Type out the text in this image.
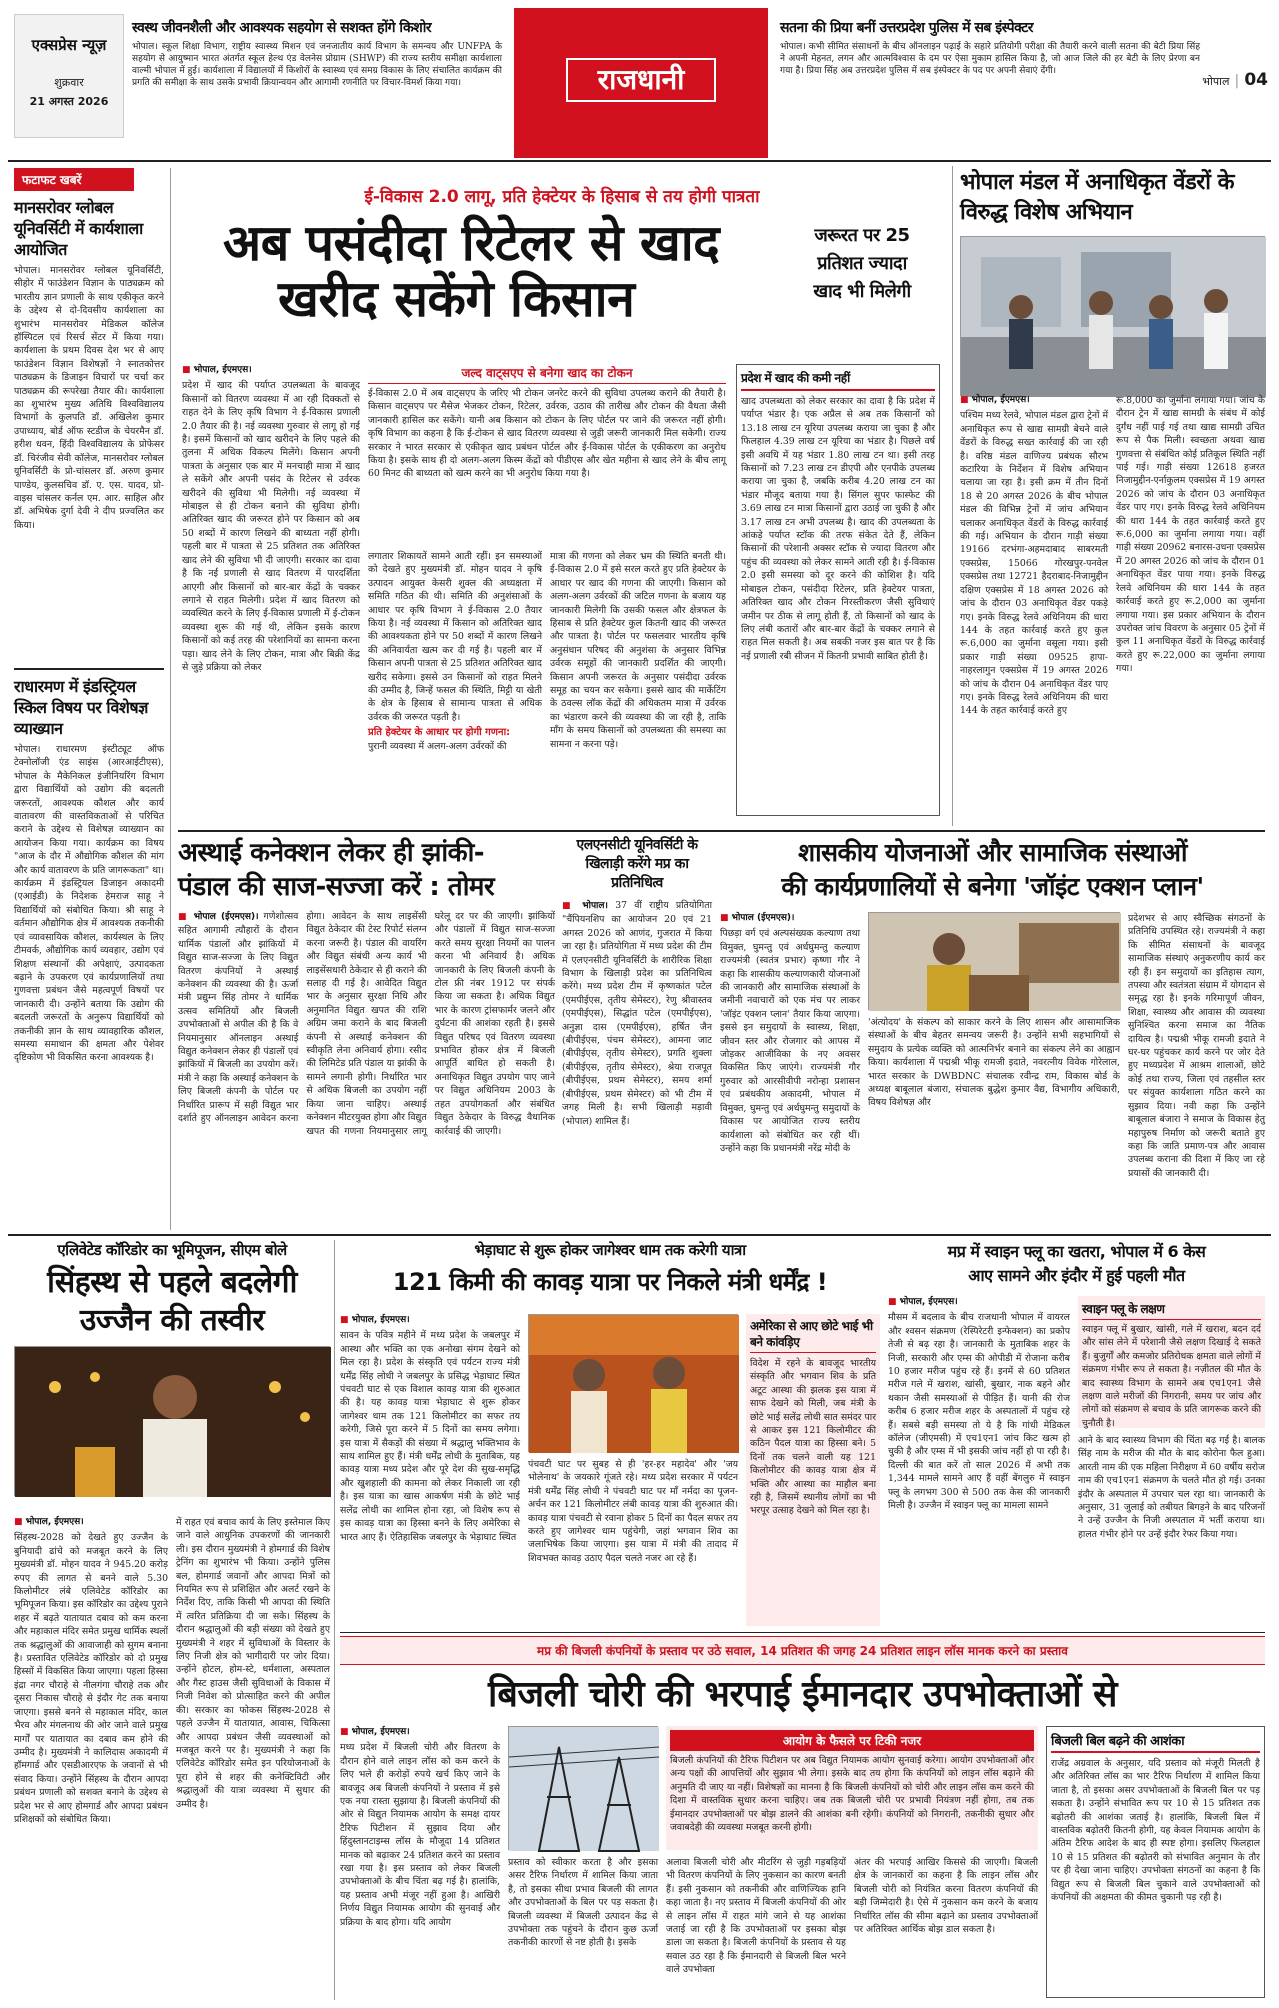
एक्सप्रेस न्यूज़
शुक्रवार
21 अगस्त 2026
स्वस्थ जीवनशैली और आवश्यक सहयोग से सशक्त होंगे किशोर
भोपाल। स्कूल शिक्षा विभाग, राष्ट्रीय स्वास्थ्य मिशन एवं जनजातीय कार्य विभाग के समन्वय और UNFPA के सहयोग से आयुष्मान भारत अंतर्गत स्कूल हेल्थ एंड वेलनेस प्रोग्राम (SHWP) की राज्य स्तरीय समीक्षा कार्यशाला वाल्मी भोपाल में हुई। कार्यशाला में विद्यालयों में किशोरों के स्वास्थ्य एवं समग्र विकास के लिए संचालित कार्यक्रम की प्रगति की समीक्षा के साथ उसके प्रभावी क्रियान्वयन और आगामी रणनीति पर विचार-विमर्श किया गया।	राजधानी
सतना की प्रिया बनीं उत्तरप्रदेश पुलिस में सब इंस्पेक्टर
भोपाल। कभी सीमित संसाधनों के बीच ऑनलाइन पढ़ाई के सहारे प्रतियोगी परीक्षा की तैयारी करने वाली सतना की बेटी प्रिया सिंह ने अपनी मेहनत, लगन और आत्मविश्वास के दम पर ऐसा मुकाम हासिल किया है, जो आज जिले की हर बेटी के लिए प्रेरणा बन गया है। प्रिया सिंह अब उत्तरप्रदेश पुलिस में सब इंस्पेक्टर के पद पर अपनी सेवाएं देंगी।
भोपाल | 04
फटाफट खबरें
मानसरोवर ग्लोबल यूनिवर्सिटी में कार्यशाला आयोजित
भोपाल। मानसरोवर ग्लोबल यूनिवर्सिटी, सीहोर में फाउंडेशन विज्ञान के पाठ्यक्रम को भारतीय ज्ञान प्रणाली के साथ एकीकृत करने के उद्देश्य से दो-दिवसीय कार्यशाला का शुभारंभ मानसरोवर मेडिकल कॉलेज हॉस्पिटल एवं रिसर्च सेंटर में किया गया। कार्यशाला के प्रथम दिवस देश भर से आए फाउंडेशन विज्ञान विशेषज्ञों ने स्नातकोत्तर पाठ्यक्रम के डिजाइन विचारों पर चर्चा कर पाठ्यक्रम की रूपरेखा तैयार की। कार्यशाला का शुभारंभ मुख्य अतिथि विश्वविद्यालय विभागों के कुलपति डॉ. अखिलेश कुमार उपाध्याय, बोर्ड ऑफ स्टडीज के चेयरमैन डॉ. हरीश धवन, हिंदी विश्वविद्यालय के प्रोफेसर डॉ. चिरंजीव सेवी कॉलेज, मानसरोवर ग्लोबल यूनिवर्सिटी के प्रो-चांसलर डॉ. अरुण कुमार पाण्डेय, कुलसचिव डॉ. ए. एस. यादव, प्रो-वाइस चांसलर कर्नल एम. आर. साहिल और डॉ. अभिषेक दुर्गा देवी ने दीप प्रज्वलित कर किया।
राधारमण में इंडस्ट्रियल स्किल विषय पर विशेषज्ञ व्याख्यान
भोपाल। राधारमण इंस्टीट्यूट ऑफ टेक्नोलॉजी एंड साइंस (आरआईटीएस), भोपाल के मैकेनिकल इंजीनियरिंग विभाग द्वारा विद्यार्थियों को उद्योग की बदलती जरूरतों, आवश्यक कौशल और कार्य वातावरण की वास्तविकताओं से परिचित कराने के उद्देश्य से विशेषज्ञ व्याख्यान का आयोजन किया गया। कार्यक्रम का विषय "आज के दौर में औद्योगिक कौशल की मांग और कार्य वातावरण के प्रति जागरूकता" था। कार्यक्रम में इंडस्ट्रियल डिजाइन अकादमी (एआईडी) के निदेशक हेमराज साहू ने विद्यार्थियों को संबोधित किया। श्री साहू ने वर्तमान औद्योगिक क्षेत्र में आवश्यक तकनीकी एवं व्यावसायिक कौशल, कार्यस्थल के लिए टीमवर्क, औद्योगिक कार्य व्यवहार, उद्योग एवं शिक्षण संस्थानों की अपेक्षाएं, उत्पादकता बढ़ाने के उपकरण एवं कार्यप्रणालियों तथा गुणवत्ता प्रबंधन जैसे महत्वपूर्ण विषयों पर जानकारी दी। उन्होंने बताया कि उद्योग की बदलती जरूरतों के अनुरूप विद्यार्थियों को तकनीकी ज्ञान के साथ व्यावहारिक कौशल, समस्या समाधान की क्षमता और पेशेवर दृष्टिकोण भी विकसित करना आवश्यक है।
ई-विकास 2.0 लागू, प्रति हेक्टेयर के हिसाब से तय होगी पात्रता
अब पसंदीदा रिटेलर से खाद
खरीद सकेंगे किसान
जरूरत पर 25 प्रतिशत ज्यादा खाद भी मिलेगी
■ भोपाल, ईएमएस।
प्रदेश में खाद की पर्याप्त उपलब्धता के बावजूद किसानों को वितरण व्यवस्था में आ रही दिक्कतों से राहत देने के लिए कृषि विभाग ने ई-विकास प्रणाली 2.0 तैयार की है। नई व्यवस्था गुरुवार से लागू हो गई है। इसमें किसानों को खाद खरीदने के लिए पहले की तुलना में अधिक विकल्प मिलेंगे। किसान अपनी पात्रता के अनुसार एक बार में मनचाही मात्रा में खाद ले सकेंगे और अपनी पसंद के रिटेलर से उर्वरक खरीदने की सुविधा भी मिलेगी। नई व्यवस्था में मोबाइल से ही टोकन बनाने की सुविधा होगी। अतिरिक्त खाद की जरूरत होने पर किसान को अब 50 शब्दों में कारण लिखने की बाध्यता नहीं होगी। पहली बार में पात्रता से 25 प्रतिशत तक अतिरिक्त खाद लेने की सुविधा भी दी जाएगी। सरकार का दावा है कि नई प्रणाली से खाद वितरण में पारदर्शिता आएगी और किसानों को बार-बार केंद्रों के चक्कर लगाने से राहत मिलेगी। प्रदेश में खाद वितरण को व्यवस्थित करने के लिए ई-विकास प्रणाली में ई-टोकन व्यवस्था शुरू की गई थी, लेकिन इसके कारण किसानों को कई तरह की परेशानियों का सामना करना पड़ा। खाद लेने के लिए टोकन, मात्रा और बिक्री केंद्र से जुड़े प्रक्रिया को लेकर
जल्द वाट्सएप से बनेगा खाद का टोकन
ई-विकास 2.0 में अब वाट्सएप के जरिए भी टोकन जनरेट करने की सुविधा उपलब्ध कराने की तैयारी है। किसान वाट्सएप पर मैसेज भेजकर टोकन, रिटेलर, उर्वरक, उठाव की तारीख और टोकन की वैधता जैसी जानकारी हासिल कर सकेंगे। यानी अब किसान को टोकन के लिए पोर्टल पर जाने की जरूरत नहीं होगी। कृषि विभाग का कहना है कि ई-टोकन से खाद वितरण व्यवस्था से जुड़ी जरूरी जानकारी मिल सकेगी। राज्य सरकार ने भारत सरकार से एकीकृत खाद प्रबंधन पोर्टल और ई-विकास पोर्टल के एकीकरण का अनुरोध किया है। इसके साथ ही दो अलग-अलग किस्म केंद्रों को पीडीएस और खेत महीना से खाद लेने के बीच लागू 60 मिनट की बाध्यता को खत्म करने का भी अनुरोध किया गया है।
लगातार शिकायतें सामने आती रहीं। इन समस्याओं को देखते हुए मुख्यमंत्री डॉ. मोहन यादव ने कृषि उत्पादन आयुक्त केसरी शुक्ल की अध्यक्षता में समिति गठित की थी। समिति की अनुशंसाओं के आधार पर कृषि विभाग ने ई-विकास 2.0 तैयार किया है। नई व्यवस्था में किसान को अतिरिक्त खाद की आवश्यकता होने पर 50 शब्दों में कारण लिखने की अनिवार्यता खत्म कर दी गई है। पहली बार में किसान अपनी पात्रता से 25 प्रतिशत अतिरिक्त खाद खरीद सकेगा। इससे उन किसानों को राहत मिलने की उम्मीद है, जिन्हें फसल की स्थिति, मिट्टी या खेती के क्षेत्र के हिसाब से सामान्य पात्रता से अधिक उर्वरक की जरूरत पड़ती है।
प्रति हेक्टेयर के आधार पर होगी गणना:
पुरानी व्यवस्था में अलग-अलग उर्वरकों की
मात्रा की गणना को लेकर भ्रम की स्थिति बनती थी। ई-विकास 2.0 में इसे सरल करते हुए प्रति हेक्टेयर के आधार पर खाद की गणना की जाएगी। किसान को अलग-अलग उर्वरकों की जटिल गणना के बजाय यह जानकारी मिलेगी कि उसकी फसल और क्षेत्रफल के हिसाब से प्रति हेक्टेयर कुल कितनी खाद की जरूरत और पात्रता है। पोर्टल पर फसलवार भारतीय कृषि अनुसंधान परिषद की अनुशंसा के अनुसार विभिन्न उर्वरक समूहों की जानकारी प्रदर्शित की जाएगी। किसान अपनी जरूरत के अनुसार पसंदीदा उर्वरक समूह का चयन कर सकेगा। इससे खाद की मार्केटिंग के ठवल्स लॉक केंद्रों की अधिकतम मात्रा में उर्वरक का भंडारण करने की व्यवस्था की जा रही है, ताकि माँग के समय किसानों को उपलब्धता की समस्या का सामना न करना पड़े।
प्रदेश में खाद की कमी नहीं
खाद उपलब्धता को लेकर सरकार का दावा है कि प्रदेश में पर्याप्त भंडार है। एक अप्रैल से अब तक किसानों को 13.18 लाख टन यूरिया उपलब्ध कराया जा चुका है और फिलहाल 4.39 लाख टन यूरिया का भंडार है। पिछले वर्ष इसी अवधि में यह भंडार 1.80 लाख टन था। इसी तरह किसानों को 7.23 लाख टन डीएपी और एनपीके उपलब्ध कराया जा चुका है, जबकि करीब 4.20 लाख टन का भंडार मौजूद बताया गया है। सिंगल सुपर फास्फेट की 3.69 लाख टन मात्रा किसानों द्वारा उठाई जा चुकी है और 3.17 लाख टन अभी उपलब्ध है। खाद की उपलब्धता के आंकड़े पर्याप्त स्टॉक की तरफ संकेत देते हैं, लेकिन किसानों की परेशानी अक्सर स्टॉक से ज्यादा वितरण और पहुंच की व्यवस्था को लेकर सामने आती रही है। ई-विकास 2.0 इसी समस्या को दूर करने की कोशिश है। यदि मोबाइल टोकन, पसंदीदा रिटेलर, प्रति हेक्टेयर पात्रता, अतिरिक्त खाद और टोकन निरस्तीकरण जैसी सुविधाएं जमीन पर ठीक से लागू होती हैं, तो किसानों को खाद के लिए लंबी कतारों और बार-बार केंद्रों के चक्कर लगाने से राहत मिल सकती है। अब सबकी नजर इस बात पर है कि नई प्रणाली रबी सीजन में कितनी प्रभावी साबित होती है।
भोपाल मंडल में अनाधिकृत वेंडरों के विरुद्ध विशेष अभियान
■ भोपाल, ईएमएस।
पश्चिम मध्य रेलवे, भोपाल मंडल द्वारा ट्रेनों में अनाधिकृत रूप से खाद्य सामग्री बेचने वाले वेंडरों के विरुद्ध सख्त कार्रवाई की जा रही है। वरिष्ठ मंडल वाणिज्य प्रबंधक सौरभ कटारिया के निर्देशन में विशेष अभियान चलाया जा रहा है। इसी क्रम में तीन दिनों 18 से 20 अगस्त 2026 के बीच भोपाल मंडल की विभिन्न ट्रेनों में जांच अभियान चलाकर अनाधिकृत वेंडरों के विरुद्ध कार्रवाई की गई। अभियान के दौरान गाड़ी संख्या 19166 दरभंगा-अहमदाबाद साबरमती एक्सप्रेस, 15066 गोरखपुर-पनवेल एक्सप्रेस तथा 12721 हैदराबाद-निजामुद्दीन दक्षिण एक्सप्रेस में 18 अगस्त 2026 को जांच के दौरान 03 अनाधिकृत वेंडर पकड़े गए। इनके विरुद्ध रेलवे अधिनियम की धारा 144 के तहत कार्रवाई करते हुए कुल रू.6,000 का जुर्माना वसूला गया। इसी प्रकार गाड़ी संख्या 09525 हापा-नाहरलागुन एक्सप्रेस में 19 अगस्त 2026 को जांच के दौरान 04 अनाधिकृत वेंडर पाए गए। इनके विरुद्ध रेलवे अधिनियम की धारा 144 के तहत कार्रवाई करते हुए
रू.8,000 का जुर्माना लगाया गया। जांच के दौरान ट्रेन में खाद्य सामग्री के संबंध में कोई दुर्गंध नहीं पाई गई तथा खाद्य सामग्री उचित रूप से पैक मिली। स्वच्छता अथवा खाद्य गुणवत्ता से संबंधित कोई प्रतिकूल स्थिति नहीं पाई गई। गाड़ी संख्या 12618 हजरत निजामुद्दीन-एर्नाकुलम एक्सप्रेस में 19 अगस्त 2026 को जांच के दौरान 03 अनाधिकृत वेंडर पाए गए। इनके विरुद्ध रेलवे अधिनियम की धारा 144 के तहत कार्रवाई करते हुए रू.6,000 का जुर्माना लगाया गया। वहीं गाड़ी संख्या 20962 बनारस-उधना एक्सप्रेस में 20 अगस्त 2026 को जांच के दौरान 01 अनाधिकृत वेंडर पाया गया। इनके विरुद्ध रेलवे अधिनियम की धारा 144 के तहत कार्रवाई करते हुए रू.2,000 का जुर्माना लगाया गया। इस प्रकार अभियान के दौरान उपरोक्त जांच विवरण के अनुसार 05 ट्रेनों में कुल 11 अनाधिकृत वेंडरों के विरुद्ध कार्रवाई करते हुए रू.22,000 का जुर्माना लगाया गया।
अस्थाई कनेक्शन लेकर ही झांकी-
पंडाल की साज-सज्जा करें : तोमर
■ भोपाल (ईएमएस)। गणेशोत्सव सहित आगामी त्यौहारों के दौरान धार्मिक पंडालों और झांकियों में विद्युत साज-सज्जा के लिए विद्युत वितरण कंपनियों ने अस्थाई कनेक्शन की व्यवस्था की है। ऊर्जा मंत्री प्रद्युम्न सिंह तोमर ने धार्मिक उत्सव समितियों और बिजली उपभोक्ताओं से अपील की है कि वे नियमानुसार ऑनलाइन अस्थाई विद्युत कनेक्शन लेकर ही पंडालों एवं झांकियों में बिजली का उपयोग करें। मंत्री ने कहा कि अस्थाई कनेक्शन के लिए बिजली कंपनी के पोर्टल पर निर्धारित प्रारूप में सही विद्युत भार दर्शाते हुए ऑनलाइन आवेदन करना होगा। आवेदन के साथ लाइसेंसी विद्युत ठेकेदार की टेस्ट रिपोर्ट संलग्न करना जरूरी है। पंडाल की वायरिंग और विद्युत संबंधी अन्य कार्य भी लाइसेंसधारी ठेकेदार से ही कराने की सलाह दी गई है। आवेदित विद्युत भार के अनुसार सुरक्षा निधि और अनुमानित विद्युत खपत की राशि अग्रिम जमा कराने के बाद बिजली कंपनी से अस्थाई कनेक्शन की स्वीकृति लेना अनिवार्य होगा। रसीद की लिमिटेड प्रति पंडाल या झांकी के सामने लगानी होगी। निर्धारित भार से अधिक बिजली का उपयोग नहीं किया जाना चाहिए। अस्थाई कनेक्शन मीटरयुक्त होगा और विद्युत खपत की गणना नियमानुसार लागू घरेलू दर पर की जाएगी। झांकियों और पंडालों में विद्युत साज-सज्जा करते समय सुरक्षा नियमों का पालन करना भी अनिवार्य है। अधिक जानकारी के लिए बिजली कंपनी के टोल फ्री नंबर 1912 पर संपर्क किया जा सकता है। अधिक विद्युत भार के कारण ट्रांसफार्मर जलने और दुर्घटना की आशंका रहती है। इससे विद्युत परिषद एवं वितरण व्यवस्था प्रभावित होकर क्षेत्र में बिजली आपूर्ति बाधित हो सकती है। अनाधिकृत विद्युत उपयोग पाए जाने पर विद्युत अधिनियम 2003 के तहत उपयोगकर्ता और संबंधित विद्युत ठेकेदार के विरुद्ध वैधानिक कार्रवाई की जाएगी।
एलएनसीटी यूनिवर्सिटी के खिलाड़ी करेंगे मप्र का प्रतिनिधित्व
■ भोपाल। 37 वीं राष्ट्रीय प्रतियोगिता "चैंपियनशिप का आयोजन 20 एवं 21 अगस्त 2026 को आणंद, गुजरात में किया जा रहा है। प्रतियोगिता में मध्य प्रदेश की टीम में एलएनसीटी यूनिवर्सिटी के शारीरिक शिक्षा विभाग के खिलाड़ी प्रदेश का प्रतिनिधित्व करेंगे। मध्य प्रदेश टीम में कृष्णकांत पटेल (एमपीईएस, तृतीय सेमेस्टर), रेणु श्रीवास्तव (एमपीईएस), सिद्धांत पटेल (एमपीईएस), अनुज्ञा दास (एमपीईएस), हर्षित जैन (बीपीईएस, पंचम सेमेस्टर), आमना जाट (बीपीईएस, तृतीय सेमेस्टर), प्रगति शुक्ला (बीपीईएस, तृतीय सेमेस्टर), श्रेया राजपूत (बीपीईएस, प्रथम सेमेस्टर), समय शर्मा (बीपीईएस, प्रथम सेमेस्टर) को भी टीम में जगह मिली है। सभी खिलाड़ी मड़ावी (भोपाल) शामिल हैं।
शासकीय योजनाओं और सामाजिक संस्थाओं
की कार्यप्रणालियों से बनेगा 'जॉइंट एक्शन प्लान'
■ भोपाल (ईएमएस)।
पिछड़ा वर्ग एवं अल्पसंख्यक कल्याण तथा विमुक्त, घुमन्तु एवं अर्धघुमन्तु कल्याण राज्यमंत्री (स्वतंत्र प्रभार) कृष्णा गौर ने कहा कि शासकीय कल्याणकारी योजनाओं की जानकारी और सामाजिक संस्थाओं के जमीनी नवाचारों को एक मंच पर लाकर 'जॉइंट एक्शन प्लान' तैयार किया जाएगा। इससे इन समुदायों के स्वास्थ्य, शिक्षा, जीवन स्तर और रोजगार को आपस में जोड़कर आजीविका के नए अवसर विकसित किए जाएंगे। राज्यमंत्री गौर गुरुवार को आरसीवीपी नरोन्हा प्रशासन एवं प्रबंधकीय अकादमी, भोपाल में विमुक्त, घुमन्तु एवं अर्धघुमन्तु समुदायों के विकास पर आयोजित राज्य स्तरीय कार्यशाला को संबोधित कर रही थीं। उन्होंने कहा कि प्रधानमंत्री नरेंद्र मोदी के
'अंत्योदय' के संकल्प को साकार करने के लिए शासन और आसामाजिक संस्थाओं के बीच बेहतर समन्वय जरूरी है। उन्होंने सभी सहभागियों से समुदाय के प्रत्येक व्यक्ति को आत्मनिर्भर बनाने का संकल्प लेने का आह्वान किया। कार्यशाला में पद्मश्री भीकू रामजी इदाते, नवरत्नीय विवेक गोरेलाल, भारत सरकार के DWBDNC संचालक रवीन्द्र राम, विकास बोर्ड के अध्यक्ष बाबूलाल बंजारा, संचालक बुद्धेश कुमार वैद्य, विभागीय अधिकारी, विषय विशेषज्ञ और
प्रदेशभर से आए स्वैच्छिक संगठनों के प्रतिनिधि उपस्थित रहे। राज्यमंत्री ने कहा कि सीमित संसाधनों के बावजूद सामाजिक संस्थाएं अनुकरणीय कार्य कर रही हैं। इन समुदायों का इतिहास त्याग, तपस्या और स्वतंत्रता संग्राम में योगदान से समृद्ध रहा है। इनके गरिमापूर्ण जीवन, शिक्षा, स्वास्थ्य और आवास की व्यवस्था सुनिश्चित करना समाज का नैतिक दायित्व है। पद्मश्री भीकू रामजी इदाते ने घर-घर पहुंचकर कार्य करने पर जोर देते हुए मध्यप्रदेश में आश्रम शालाओं, छोटे कोई तथा राज्य, जिला एवं तहसील स्तर पर संयुक्त कार्यशाला गठित करने का सुझाव दिया। नवी कहा कि उन्होंने बाबूलाल बंजारा ने समाज के विकास हेतु महापुरुष निर्माण को जरूरी बताते हुए कहा कि जाति प्रमाण-पत्र और आवास उपलब्ध कराना की दिशा में किए जा रहे प्रयासों की जानकारी दी।
एलिवेटेड कॉरिडोर का भूमिपूजन, सीएम बोले
सिंहस्थ से पहले बदलेगी
उज्जैन की तस्वीर
■ भोपाल, ईएमएस।
सिंहस्थ-2028 को देखते हुए उज्जैन के बुनियादी ढांचे को मजबूत करने के लिए मुख्यमंत्री डॉ. मोहन यादव ने 945.20 करोड़ रुपए की लागत से बनने वाले 5.30 किलोमीटर लंबे एलिवेटेड कॉरिडोर का भूमिपूजन किया। इस कॉरिडोर का उद्देश्य पुराने शहर में बढ़ते यातायात दबाव को कम करना और महाकाल मंदिर समेत प्रमुख धार्मिक स्थलों तक श्रद्धालुओं की आवाजाही को सुगम बनाना है। प्रस्तावित एलिवेटेड कॉरिडोर को दो प्रमुख हिस्सों में विकसित किया जाएगा। पहला हिस्सा इंद्रा नगर चौराहे से नीलगंगा चौराहे तक और दूसरा निकास चौराहे से इंदौर गेट तक बनाया जाएगा। इससे बनने से महाकाल मंदिर, काल भैरव और मंगलनाथ की ओर जाने वाले प्रमुख मार्गों पर यातायात का दबाव कम होने की उम्मीद है। मुख्यमंत्री ने कालिदास अकादमी में हॉमगार्ड और एसडीआरएफ के जवानों से भी संवाद किया। उन्होंने सिंहस्थ के दौरान आपदा प्रबंधन प्रणाली को सशक्त बनाने के उद्देश्य से प्रदेश भर से आए होमगार्ड और आपदा प्रबंधन प्रशिक्षकों को संबोधित किया।
में राहत एवं बचाव कार्य के लिए इस्तेमाल किए जाने वाले आधुनिक उपकरणों की जानकारी ली। इस दौरान मुख्यमंत्री ने होमगार्ड की विशेष ट्रेनिंग का शुभारंभ भी किया। उन्होंने पुलिस बल, होमगार्ड जवानों और आपदा मित्रों को नियमित रूप से प्रशिक्षित और अलर्ट रखने के निर्देश दिए, ताकि किसी भी आपदा की स्थिति में त्वरित प्रतिक्रिया दी जा सके। सिंहस्थ के दौरान श्रद्धालुओं की बड़ी संख्या को देखते हुए मुख्यमंत्री ने शहर में सुविधाओं के विस्तार के लिए निजी क्षेत्र को भागीदारी पर जोर दिया। उन्होंने होटल, होम-स्टे, धर्मशाला, अस्पताल और गैस्ट हाउस जैसी सुविधाओं के विकास में निजी निवेश को प्रोत्साहित करने की अपील की। सरकार का फोकस सिंहस्थ-2028 से पहले उज्जैन में यातायात, आवास, चिकित्सा और आपदा प्रबंधन जैसी व्यवस्थाओं को मजबूत करने पर है। मुख्यमंत्री ने कहा कि एलिवेटेड कॉरिडोर समेत इन परियोजनाओं के पूरा होने से शहर की कनेक्टिविटी और श्रद्धालुओं की यात्रा व्यवस्था में सुधार की उम्मीद है।
भेड़ाघाट से शुरू होकर जागेश्वर धाम तक करेगी यात्रा
121 किमी की कावड़ यात्रा पर निकले मंत्री धर्मेंद्र !
■ भोपाल, ईएमएस।
सावन के पवित्र महीने में मध्य प्रदेश के जबलपुर में आस्था और भक्ति का एक अनोखा संगम देखने को मिल रहा है। प्रदेश के संस्कृति एवं पर्यटन राज्य मंत्री धर्मेंद्र सिंह लोधी ने जबलपुर के प्रसिद्ध भेड़ाघाट स्थित पंचवटी घाट से एक विशाल कावड़ यात्रा की शुरुआत की है। यह कावड़ यात्रा भेड़ाघाट से शुरू होकर जागेश्वर धाम तक 121 किलोमीटर का सफर तय करेगी, जिसे पूरा करने में 5 दिनों का समय लगेगा। इस यात्रा में सैकड़ों की संख्या में श्रद्धालु भक्तिभाव के साथ शामिल हुए हैं। मंत्री धर्मेंद्र लोधी के मुताबिक, यह कावड़ यात्रा मध्य प्रदेश और पूरे देश की सुख-समृद्धि और खुशहाली की कामना को लेकर निकाली जा रही है। इस यात्रा का खास आकर्षण मंत्री के छोटे भाई सलेंद्र लोधी का शामिल होना रहा, जो विशेष रूप से इस कावड़ यात्रा का हिस्सा बनने के लिए अमेरिका से भारत आए हैं। ऐतिहासिक जबलपुर के भेड़ाघाट स्थित
पंचवटी घाट पर सुबह से ही 'हर-हर महादेव' और 'जय भोलेनाथ' के जयकारे गूंजते रहे। मध्य प्रदेश सरकार में पर्यटन मंत्री धर्मेंद्र सिंह लोधी ने पंचवटी घाट पर माँ नर्मदा का पूजन-अर्चन कर 121 किलोमीटर लंबी कावड़ यात्रा की शुरुआत की। कावड़ यात्रा पंचवटी से रवाना होकर 5 दिनों का पैदल सफर तय करते हुए जागेश्वर धाम पहुंचेगी, जहां भगवान शिव का जलाभिषेक किया जाएगा। इस यात्रा में मंत्री की तादाद में शिवभक्त कावड़ उठाए पैदल चलते नजर आ रहे हैं।
अमेरिका से आए छोटे भाई भी बने कांवड़िए
विदेश में रहने के बावजूद भारतीय संस्कृति और भगवान शिव के प्रति अटूट आस्था की झलक इस यात्रा में साफ देखने को मिली, जब मंत्री के छोटे भाई सलेंद्र लोधी सात समंदर पार से आकर इस 121 किलोमीटर की कठिन पैदल यात्रा का हिस्सा बने। 5 दिनों तक चलने वाली यह 121 किलोमीटर की कावड़ यात्रा क्षेत्र में भक्ति और आस्था का माहौल बना रही है, जिसमें स्थानीय लोगों का भी भरपूर उत्साह देखने को मिल रहा है।
मप्र में स्वाइन फ्लू का खतरा, भोपाल में 6 केस
आए सामने और इंदौर में हुई पहली मौत
■ भोपाल, ईएमएस।
मौसम में बदलाव के बीच राजधानी भोपाल में वायरल और श्वसन संक्रमण (रेस्पिरेटरी इन्फेक्शन) का प्रकोप तेजी से बढ़ रहा है। जानकारी के मुताबिक शहर के निजी, सरकारी और एम्स की ओपीडी में रोजाना करीब 10 हजार मरीज पहुंच रहे हैं। इनमें से 60 प्रतिशत मरीज गले में खराश, खांसी, बुखार, नाक बहने और थकान जैसी समस्याओं से पीड़ित हैं। यानी की रोज करीब 6 हजार मरीज शहर के अस्पतालों में पहुंच रहे हैं। सबसे बड़ी समस्या तो ये है कि गांधी मेडिकल कॉलेज (जीएमसी) में एच1एन1 जांच किट खत्म हो चुकी है और एम्स में भी इसकी जांच नहीं हो पा रही है। दिल्ली की बात करें तो साल 2026 में अभी तक 1,344 मामले सामने आए हैं वहीं बेंगलुरु में स्वाइन फ्लू के लगभग 300 से 500 तक केस की जानकारी मिली है। उज्जैन में स्वाइन फ्लू का मामला सामने
स्वाइन फ्लू के लक्षण
स्वाइन फ्लू में बुखार, खांसी, गले में खराश, बदन दर्द और सांस लेने में परेशानी जैसे लक्षण दिखाई दे सकते हैं। बुजुर्गों और कमजोर प्रतिरोधक क्षमता वाले लोगों में संक्रमण गंभीर रूप ले सकता है। नज़ीतल की मौत के बाद स्वास्थ्य विभाग के सामने अब एच1एन1 जैसे लक्षण वाले मरीजों की निगरानी, समय पर जांच और लोगों को संक्रमण से बचाव के प्रति जागरूक करने की चुनौती है।
आने के बाद स्वास्थ्य विभाग की चिंता बढ़ गई है। बालक सिंह नाम के मरीज की मौत के बाद कोरोना फैल हुआ। आरती नाम की एक महिला निरीक्षण में 60 वर्षीय सरोज नाम की एच1एन1 संक्रमण के चलते मौत हो गई। उनका इंदौर के अस्पताल में उपचार चल रहा था। जानकारी के अनुसार, 31 जुलाई को तबीयत बिगड़ने के बाद परिजनों ने उन्हें उज्जैन के निजी अस्पताल में भर्ती कराया था। हालत गंभीर होने पर उन्हें इंदौर रेफर किया गया।
मप्र की बिजली कंपनियों के प्रस्ताव पर उठे सवाल, 14 प्रतिशत की जगह 24 प्रतिशत लाइन लॉस मानक करने का प्रस्ताव
बिजली चोरी की भरपाई ईमानदार उपभोक्ताओं से
■ भोपाल, ईएमएस।
मध्य प्रदेश में बिजली चोरी और वितरण के दौरान होने वाले लाइन लॉस को कम करने के लिए भले ही करोड़ों रुपये खर्च किए जाने के बावजूद अब बिजली कंपनियों ने प्रस्ताव में इसे एक नया रास्ता सुझाया है। बिजली कंपनियों की ओर से विद्युत नियामक आयोग के समक्ष दायर टैरिफ पिटीशन में सुझाव दिया और हिंदुस्तानटाइम्स लॉस के मौजूदा 14 प्रतिशत मानक को बढ़ाकर 24 प्रतिशत करने का प्रस्ताव रखा गया है। इस प्रस्ताव को लेकर बिजली उपभोक्ताओं के बीच चिंता बढ़ गई है। हालांकि, यह प्रस्ताव अभी मंजूर नहीं हुआ है। आखिरी निर्णय विद्युत नियामक आयोग की सुनवाई और प्रक्रिया के बाद होगा। यदि आयोग
आयोग के फैसले पर टिकी नजर
बिजली कंपनियों की टैरिफ पिटीशन पर अब विद्युत नियामक आयोग सुनवाई करेगा। आयोग उपभोक्ताओं और अन्य पक्षों की आपत्तियों और सुझाव भी लेगा। इसके बाद तय होगा कि कंपनियों को लाइन लॉस बढ़ाने की अनुमति दी जाए या नहीं। विशेषज्ञों का मानना है कि बिजली कंपनियों को चोरी और लाइन लॉस कम करने की दिशा में वास्तविक सुधार करना चाहिए। जब तक बिजली चोरी पर प्रभावी नियंत्रण नहीं होगा, तब तक ईमानदार उपभोक्ताओं पर बोझ डालने की आशंका बनी रहेगी। कंपनियों को निगरानी, तकनीकी सुधार और जवाबदेही की व्यवस्था मजबूत करनी होगी।
प्रस्ताव को स्वीकार करता है और इसका असर टैरिफ निर्धारण में शामिल किया जाता है, तो इसका सीधा प्रभाव बिजली की लागत और उपभोक्ताओं के बिल पर पड़ सकता है। बिजली व्यवस्था में बिजली उत्पादन केंद्र से उपभोक्ता तक पहुंचने के दौरान कुछ ऊर्जा तकनीकी कारणों से नष्ट होती है। इसके
अलावा बिजली चोरी और मीटरिंग से जुड़ी गड़बड़ियों भी वितरण कंपनियों के लिए नुकसान का कारण बनती हैं। इसी नुकसान को तकनीकी और वाणिज्यिक हानि कहा जाता है। नए प्रस्ताव में बिजली कंपनियों की ओर से लाइन लॉस में राहत मांगे जाने से यह आशंका जताई जा रही है कि उपभोक्ताओं पर इसका बोझ डाला जा सकता है। बिजली कंपनियों के प्रस्ताव से यह सवाल उठ रहा है कि ईमानदारी से बिजली बिल भरने वाले उपभोक्ता
अंतर की भरपाई आखिर किससे की जाएगी। बिजली क्षेत्र के जानकारों का कहना है कि लाइन लॉस और बिजली चोरी को नियंत्रित करना वितरण कंपनियों की बड़ी जिम्मेदारी है। ऐसे में नुकसान कम करने के बजाय निर्धारित लॉस की सीमा बढ़ाने का प्रस्ताव उपभोक्ताओं पर अतिरिक्त आर्थिक बोझ डाल सकता है।
बिजली बिल बढ़ने की आशंका
राजेंद्र अग्रवाल के अनुसार, यदि प्रस्ताव को मंजूरी मिलती है और अतिरिक्त लॉस का भार टैरिफ निर्धारण में शामिल किया जाता है, तो इसका असर उपभोक्ताओं के बिजली बिल पर पड़ सकता है। उन्होंने संभावित रूप पर 10 से 15 प्रतिशत तक बढ़ोतरी की आशंका जताई है। हालांकि, बिजली बिल में वास्तविक बढ़ोतरी कितनी होगी, यह केवल नियामक आयोग के अंतिम टैरिफ आदेश के बाद ही स्पष्ट होगा। इसलिए फिलहाल 10 से 15 प्रतिशत की बढ़ोतरी को संभावित अनुमान के तौर पर ही देखा जाना चाहिए। उपभोक्ता संगठनों का कहना है कि विद्युत रूप से बिजली बिल चुकाने वाले उपभोक्ताओं को कंपनियों की अक्षमता की कीमत चुकानी पड़ रही है।
